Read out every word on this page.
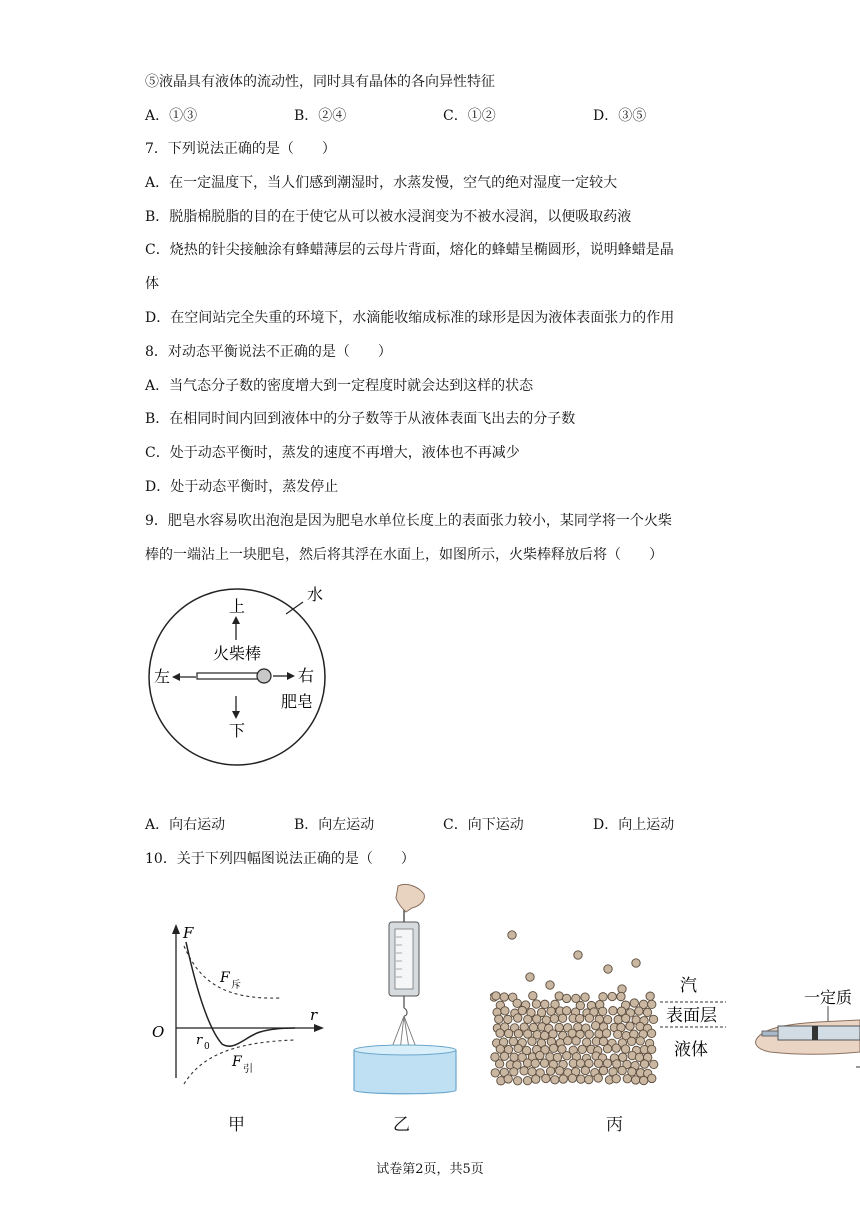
⑤液晶具有液体的流动性，同时具有晶体的各向异性特征
A．①③	B．②④	C．①②	D．③⑤
7．下列说法正确的是（　　）
A．在一定温度下，当人们感到潮湿时，水蒸发慢，空气的绝对湿度一定较大
B．脱脂棉脱脂的目的在于使它从可以被水浸润变为不被水浸润，以便吸取药液
C．烧热的针尖接触涂有蜂蜡薄层的云母片背面，熔化的蜂蜡呈椭圆形，说明蜂蜡是晶
体
D．在空间站完全失重的环境下，水滴能收缩成标准的球形是因为液体表面张力的作用
8．对动态平衡说法不正确的是（　　）
A．当气态分子数的密度增大到一定程度时就会达到这样的状态
B．在相同时间内回到液体中的分子数等于从液体表面飞出去的分子数
C．处于动态平衡时，蒸发的速度不再增大，液体也不再减少
D．处于动态平衡时，蒸发停止
9．肥皂水容易吹出泡泡是因为肥皂水单位长度上的表面张力较小，某同学将一个火柴
棒的一端沾上一块肥皂，然后将其浮在水面上，如图所示，火柴棒释放后将（　　）
水
上
火柴棒
左	右
肥皂
下
A．向右运动	B．向左运动	C．向下运动	D．向上运动
10．关于下列四幅图说法正确的是（　　）
F
O
r
F 斥
F 引
r 0
汽
表面层
液体
一定质
甲	乙	丙
试卷第2页，共5页
